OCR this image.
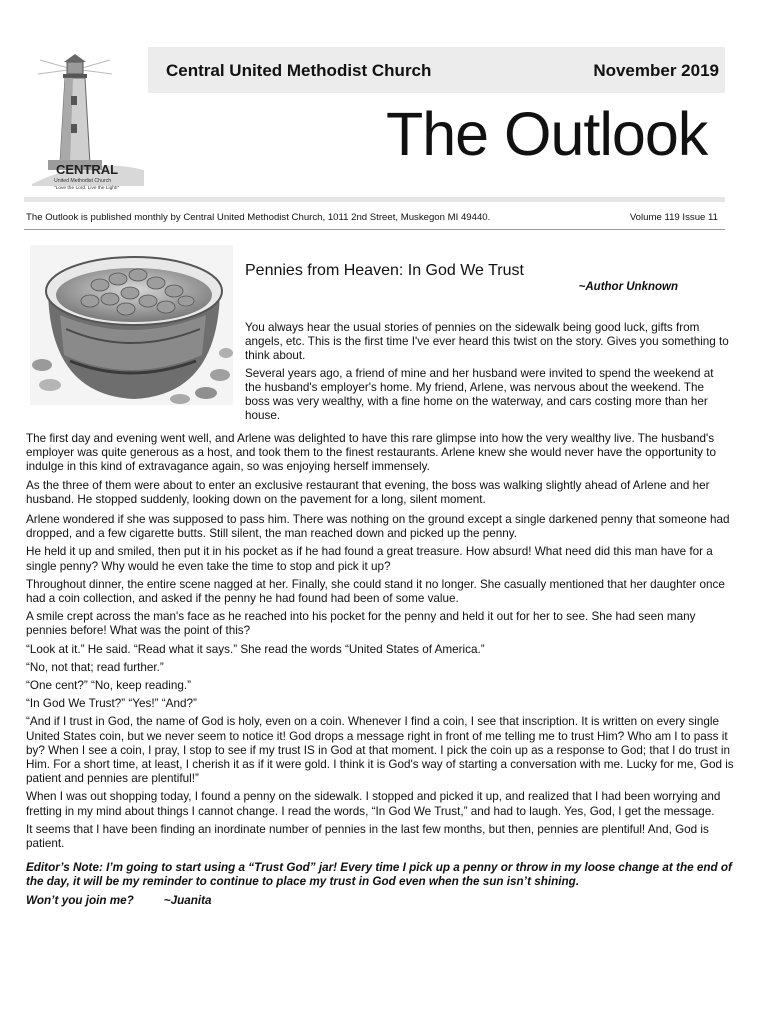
CENTRAL
United Methodist Church
"Love the Lord. Live the Light!"
Central United Methodist Church	November 2019
The Outlook
The Outlook is published monthly by Central United Methodist Church, 1011 2nd Street, Muskegon MI 49440.	Volume 119 Issue 11
Pennies from Heaven: In God We Trust
~Author Unknown

You always hear the usual stories of pennies on the sidewalk being good luck, gifts from angels, etc. This is the first time I've ever heard this twist on the story. Gives you something to think about.

Several years ago, a friend of mine and her husband were invited to spend the weekend at the husband's employer's home. My friend, Arlene, was nervous about the weekend. The boss was very wealthy, with a fine home on the waterway, and cars costing more than her house.

The first day and evening went well, and Arlene was delighted to have this rare glimpse into how the very wealthy live. The husband's employer was quite generous as a host, and took them to the finest restaurants. Arlene knew she would never have the opportunity to indulge in this kind of extravagance again, so was enjoying herself immensely.

As the three of them were about to enter an exclusive restaurant that evening, the boss was walking slightly ahead of Arlene and her husband. He stopped suddenly, looking down on the pavement for a long, silent moment.

Arlene wondered if she was supposed to pass him. There was nothing on the ground except a single darkened penny that someone had dropped, and a few cigarette butts. Still silent, the man reached down and picked up the penny.

He held it up and smiled, then put it in his pocket as if he had found a great treasure. How absurd! What need did this man have for a single penny? Why would he even take the time to stop and pick it up?

Throughout dinner, the entire scene nagged at her. Finally, she could stand it no longer. She casually mentioned that her daughter once had a coin collection, and asked if the penny he had found had been of some value.

A smile crept across the man's face as he reached into his pocket for the penny and held it out for her to see. She had seen many pennies before! What was the point of this?

“Look at it.” He said. “Read what it says.” She read the words “United States of America.”

“No, not that; read further.”

“One cent?” “No, keep reading.”

“In God We Trust?” “Yes!” “And?”

“And if I trust in God, the name of God is holy, even on a coin. Whenever I find a coin, I see that inscription. It is written on every single United States coin, but we never seem to notice it! God drops a message right in front of me telling me to trust Him? Who am I to pass it by? When I see a coin, I pray, I stop to see if my trust IS in God at that moment. I pick the coin up as a response to God; that I do trust in Him. For a short time, at least, I cherish it as if it were gold. I think it is God's way of starting a conversation with me. Lucky for me, God is patient and pennies are plentiful!”

When I was out shopping today, I found a penny on the sidewalk. I stopped and picked it up, and realized that I had been worrying and fretting in my mind about things I cannot change. I read the words, “In God We Trust,” and had to laugh. Yes, God, I get the message.

It seems that I have been finding an inordinate number of pennies in the last few months, but then, pennies are plentiful! And, God is patient.

Editor’s Note: I’m going to start using a “Trust God” jar! Every time I pick up a penny or throw in my loose change at the end of the day, it will be my reminder to continue to place my trust in God even when the sun isn’t shining.

Won’t you join me?	~Juanita
